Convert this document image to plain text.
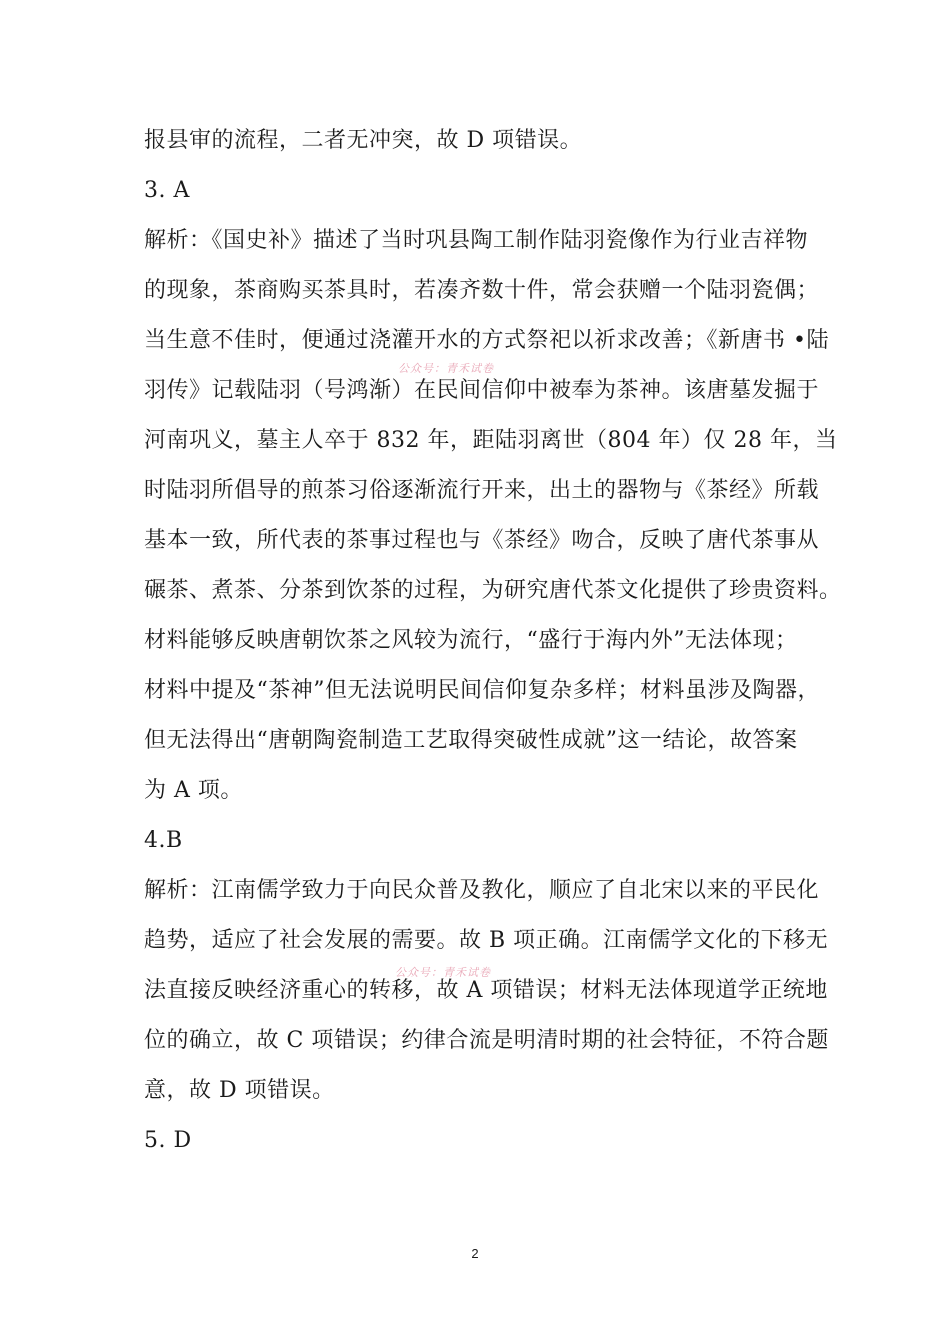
报县审的流程，二者无冲突，故 D 项错误。
3. A
解析：《国史补》描述了当时巩县陶工制作陆羽瓷像作为行业吉祥物
的现象，茶商购买茶具时，若凑齐数十件，常会获赠一个陆羽瓷偶；
当生意不佳时，便通过浇灌开水的方式祭祀以祈求改善；《新唐书 •陆
公众号：青禾试卷
羽传》记载陆羽（号鸿渐）在民间信仰中被奉为茶神。该唐墓发掘于
河南巩义，墓主人卒于 832 年，距陆羽离世（804 年）仅 28 年，当
时陆羽所倡导的煎茶习俗逐渐流行开来，出土的器物与《茶经》所载
基本一致，所代表的茶事过程也与《茶经》吻合，反映了唐代茶事从
碾茶、煮茶、分茶到饮茶的过程，为研究唐代茶文化提供了珍贵资料。
材料能够反映唐朝饮茶之风较为流行，“盛行于海内外”无法体现；
材料中提及“茶神”但无法说明民间信仰复杂多样；材料虽涉及陶器，
但无法得出“唐朝陶瓷制造工艺取得突破性成就”这一结论，故答案
为 A 项。
4.B
解析：江南儒学致力于向民众普及教化，顺应了自北宋以来的平民化
趋势，适应了社会发展的需要。故 B 项正确。江南儒学文化的下移无
公众号：青禾试卷
法直接反映经济重心的转移，故 A 项错误；材料无法体现道学正统地
位的确立，故 C 项错误；约律合流是明清时期的社会特征，不符合题
意，故 D 项错误。
5. D
2
